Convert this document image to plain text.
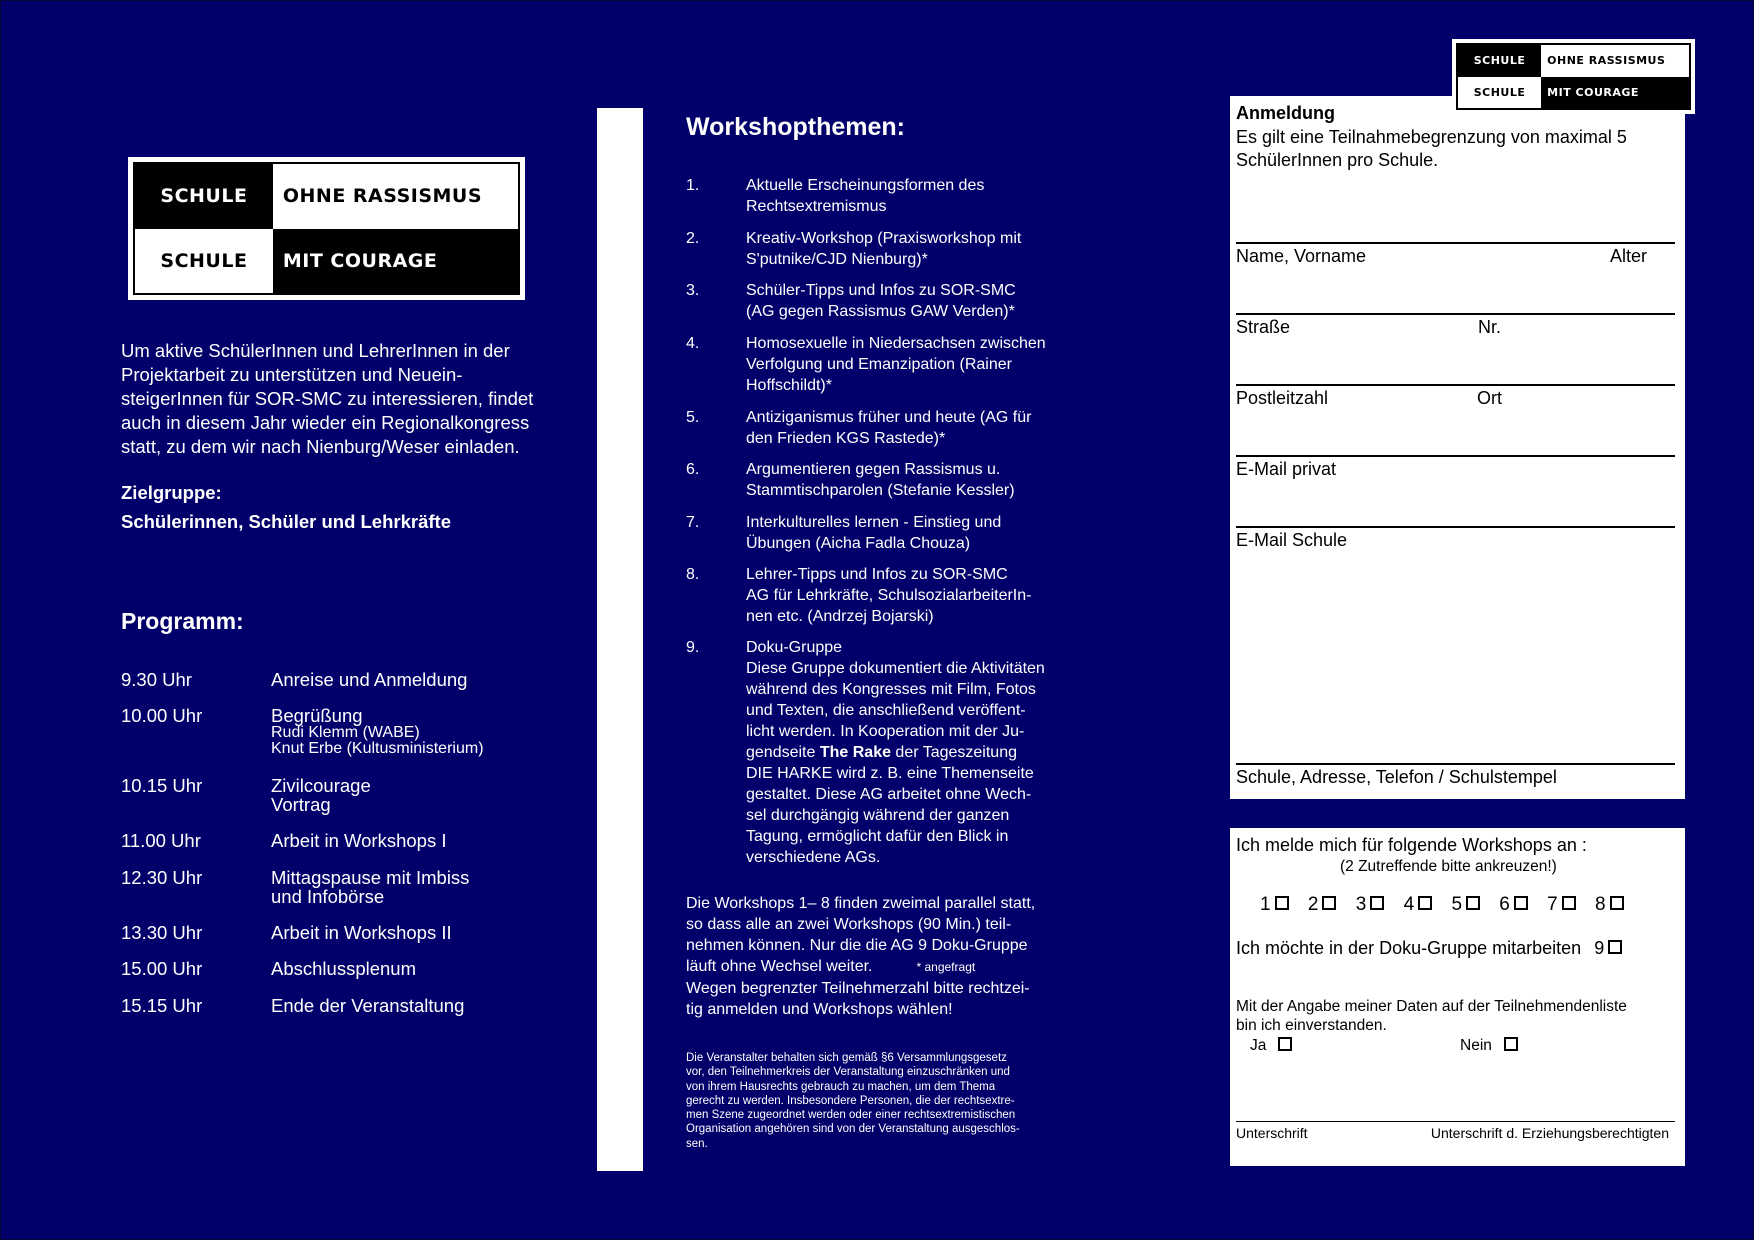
SCHULE	OHNE RASSISMUS
SCHULE	MIT COURAGE
Um aktive SchülerInnen und LehrerInnen in der
Projektarbeit zu unterstützen und Neuein-
steigerInnen für SOR-SMC zu interessieren, findet
auch in diesem Jahr wieder ein Regionalkongress
statt, zu dem wir nach Nienburg/Weser einladen.
Zielgruppe:
Schülerinnen, Schüler und Lehrkräfte
Programm:
9.30 Uhr	Anreise und Anmeldung
10.00 Uhr	Begrüßung
Rudi Klemm (WABE)
Knut Erbe (Kultusministerium)
10.15 Uhr	Zivilcourage
Vortrag
11.00 Uhr	Arbeit in Workshops I
12.30 Uhr	Mittagspause mit Imbiss
und Infobörse
13.30 Uhr	Arbeit in Workshops II
15.00 Uhr	Abschlussplenum
15.15 Uhr	Ende der Veranstaltung
Workshopthemen:
1.	Aktuelle Erscheinungsformen des
Rechtsextremismus
2.	Kreativ-Workshop (Praxisworkshop mit
S'putnike/CJD Nienburg)*
3.	Schüler-Tipps und Infos zu SOR-SMC
(AG gegen Rassismus GAW Verden)*
4.	Homosexuelle in Niedersachsen zwischen
Verfolgung und Emanzipation (Rainer
Hoffschildt)*
5.	Antiziganismus früher und heute (AG für
den Frieden KGS Rastede)*
6.	Argumentieren gegen Rassismus u.
Stammtischparolen (Stefanie Kessler)
7.	Interkulturelles lernen - Einstieg und
Übungen (Aicha Fadla Chouza)
8.	Lehrer-Tipps und Infos zu SOR-SMC
AG für Lehrkräfte, SchulsozialarbeiterIn-
nen etc. (Andrzej Bojarski)
9.	Doku-Gruppe
Diese Gruppe dokumentiert die Aktivitäten
während des Kongresses mit Film, Fotos
und Texten, die anschließend veröffent-
licht werden. In Kooperation mit der Ju-
gendseite The Rake der Tageszeitung
DIE HARKE wird z. B. eine Themenseite
gestaltet. Diese AG arbeitet ohne Wech-
sel durchgängig während der ganzen
Tagung, ermöglicht dafür den Blick in
verschiedene AGs.
Die Workshops 1– 8 finden zweimal parallel statt,
so dass alle an zwei Workshops (90 Min.) teil-
nehmen können. Nur die die AG 9 Doku-Gruppe
läuft ohne Wechsel weiter.	* angefragt
Wegen begrenzter Teilnehmerzahl bitte rechtzei-
tig anmelden und Workshops wählen!
Die Veranstalter behalten sich gemäß §6 Versammlungsgesetz
vor, den Teilnehmerkreis der Veranstaltung einzuschränken und
von ihrem Hausrechts gebrauch zu machen, um dem Thema
gerecht zu werden. Insbesondere Personen, die der rechtsextre-
men Szene zugeordnet werden oder einer rechtsextremistischen
Organisation angehören sind von der Veranstaltung ausgeschlos-
sen.
Anmeldung
Es gilt eine Teilnahmebegrenzung von maximal 5
SchülerInnen pro Schule.
Name, Vorname	Alter
Straße	Nr.
Postleitzahl	Ort
E-Mail privat
E-Mail Schule
Schule, Adresse, Telefon / Schulstempel
SCHULE	OHNE RASSISMUS
SCHULE	MIT COURAGE
Ich melde mich für folgende Workshops an :
(2 Zutreffende bitte ankreuzen!)
1 2 3 4 5 6 7 8
Ich möchte in der Doku-Gruppe mitarbeiten 9
Mit der Angabe meiner Daten auf der Teilnehmendenliste
bin ich einverstanden.
Ja	Nein
Unterschrift	Unterschrift d. Erziehungsberechtigten
